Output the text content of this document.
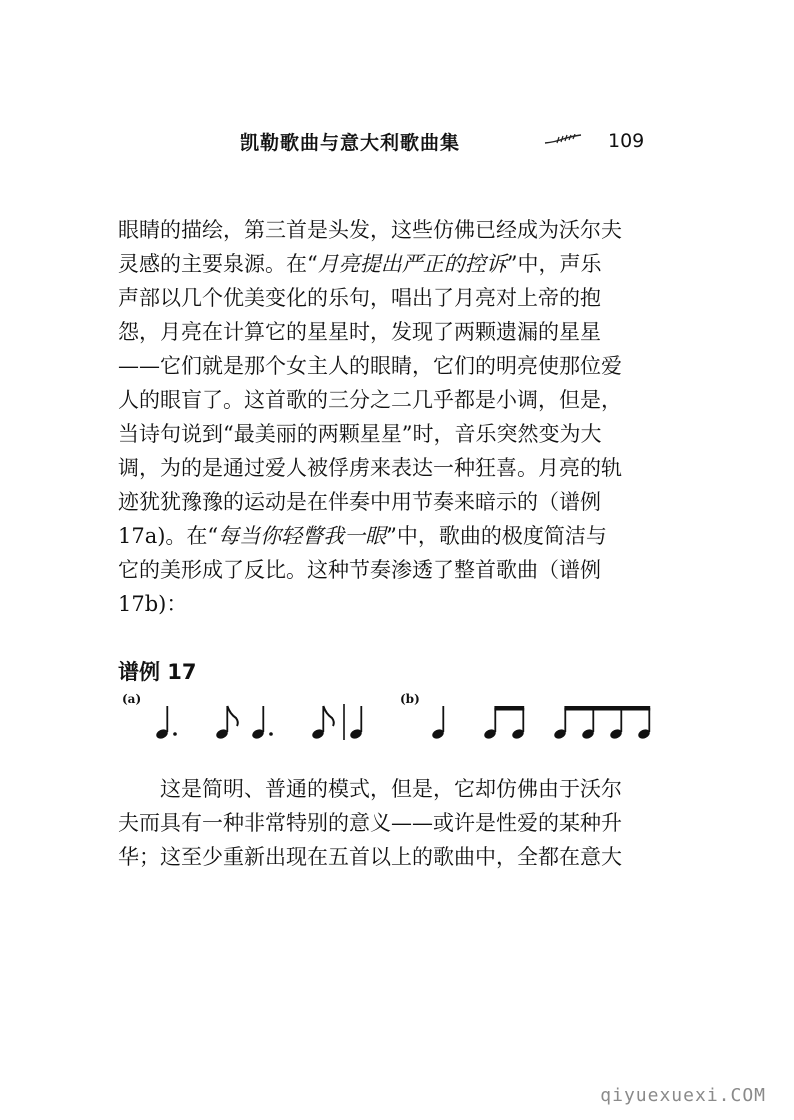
凯勒歌曲与意大利歌曲集	109
眼睛的描绘，第三首是头发，这些仿佛已经成为沃尔夫
灵感的主要泉源。在“月亮提出严正的控诉”中，声乐
声部以几个优美变化的乐句，唱出了月亮对上帝的抱
怨，月亮在计算它的星星时，发现了两颗遗漏的星星
——它们就是那个女主人的眼睛，它们的明亮使那位爱
人的眼盲了。这首歌的三分之二几乎都是小调，但是，
当诗句说到“最美丽的两颗星星”时，音乐突然变为大
调，为的是通过爱人被俘虏来表达一种狂喜。月亮的轨
迹犹犹豫豫的运动是在伴奏中用节奏来暗示的（谱例
17a)。在“每当你轻瞥我一眼”中，歌曲的极度简洁与
它的美形成了反比。这种节奏渗透了整首歌曲（谱例
17b)：
谱例 17
(a)	(b)
这是简明、普通的模式，但是，它却仿佛由于沃尔
夫而具有一种非常特别的意义——或许是性爱的某种升
华；这至少重新出现在五首以上的歌曲中，全都在意大
qiyuexuexi.COM
